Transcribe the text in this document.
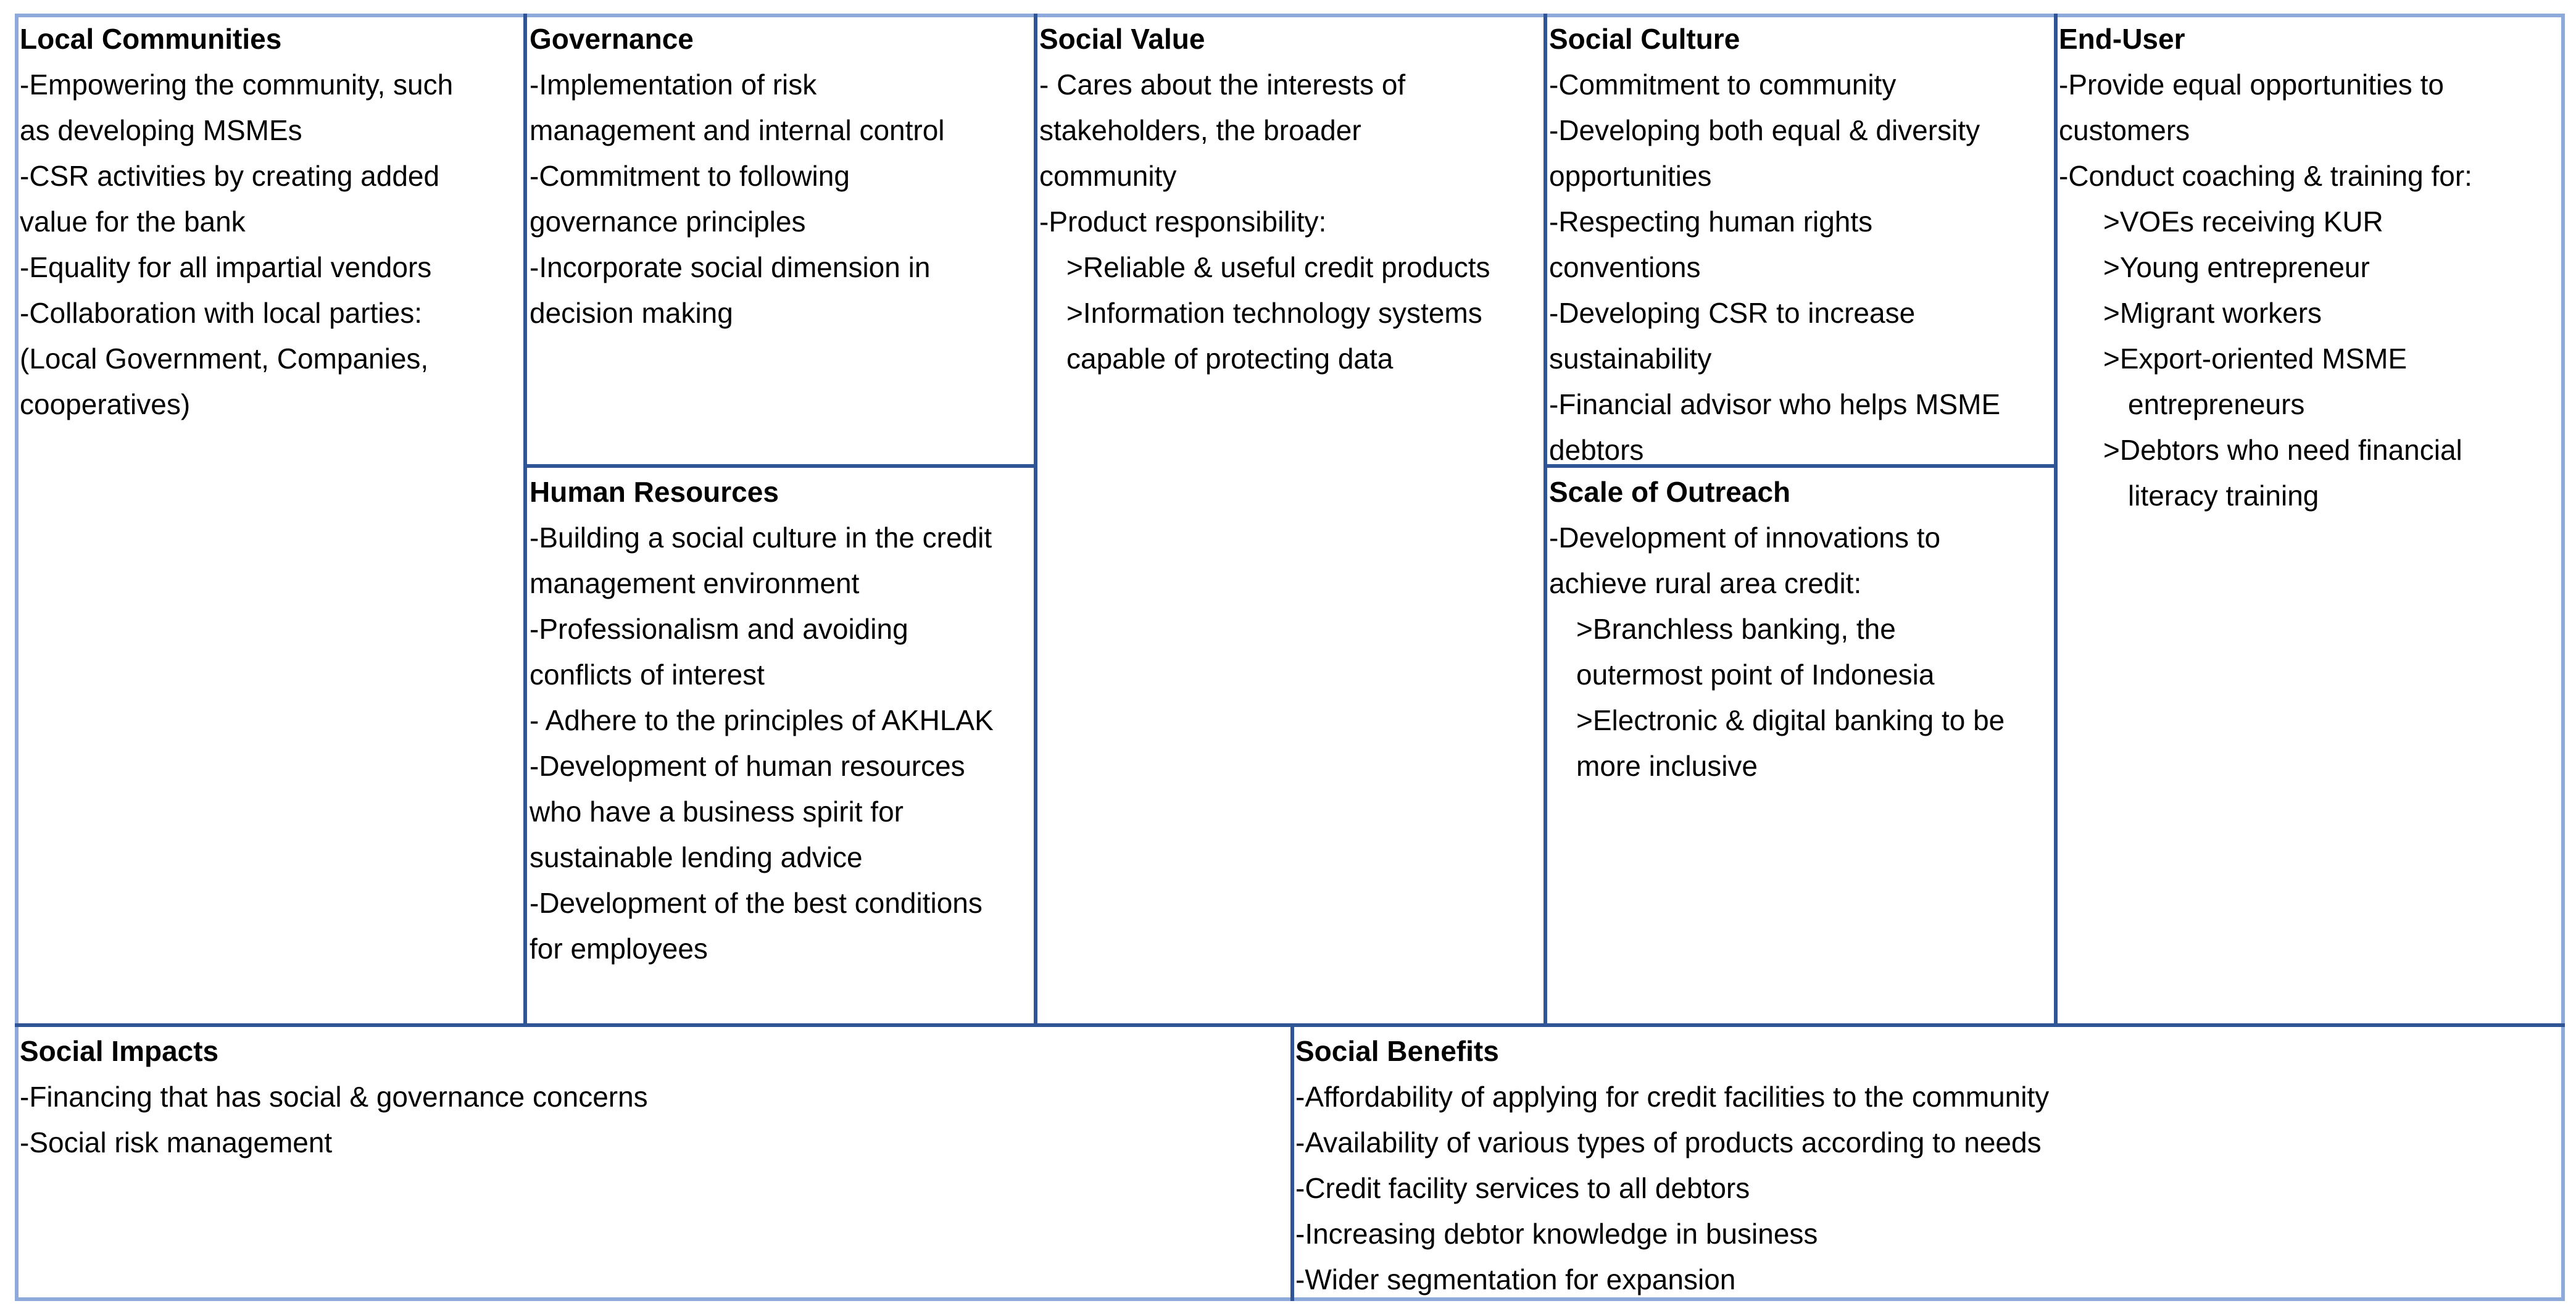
Local Communities
-Empowering the community, such
as developing MSMEs
-CSR activities by creating added
value for the bank
-Equality for all impartial vendors
-Collaboration with local parties:
(Local Government, Companies,
cooperatives)
Governance
-Implementation of risk
management and internal control
-Commitment to following
governance principles
-Incorporate social dimension in
decision making
Social Value
- Cares about the interests of
stakeholders, the broader
community
-Product responsibility:
>Reliable & useful credit products
>Information technology systems
capable of protecting data
Social Culture
-Commitment to community
-Developing both equal & diversity
opportunities
-Respecting human rights
conventions
-Developing CSR to increase
sustainability
-Financial advisor who helps MSME
debtors
End-User
-Provide equal opportunities to
customers
-Conduct coaching & training for:
>VOEs receiving KUR
>Young entrepreneur
>Migrant workers
>Export-oriented MSME
entrepreneurs
>Debtors who need financial
literacy training
Human Resources
-Building a social culture in the credit
management environment
-Professionalism and avoiding
conflicts of interest
- Adhere to the principles of AKHLAK
-Development of human resources
who have a business spirit for
sustainable lending advice
-Development of the best conditions
for employees
Scale of Outreach
-Development of innovations to
achieve rural area credit:
>Branchless banking, the
outermost point of Indonesia
>Electronic & digital banking to be
more inclusive
Social Impacts
-Financing that has social & governance concerns
-Social risk management
Social Benefits
-Affordability of applying for credit facilities to the community
-Availability of various types of products according to needs
-Credit facility services to all debtors
-Increasing debtor knowledge in business
-Wider segmentation for expansion
